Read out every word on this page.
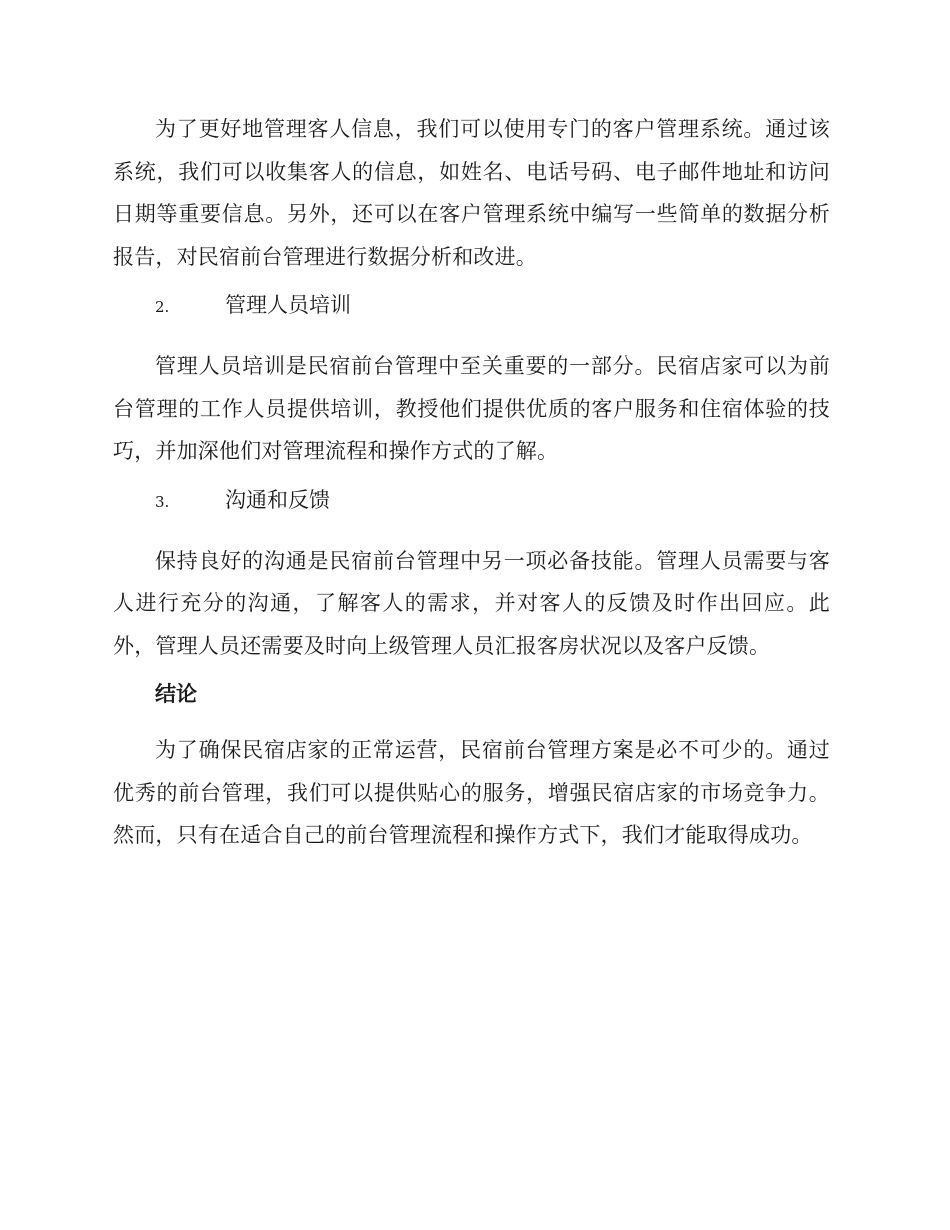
为了更好地管理客人信息，我们可以使用专门的客户管理系统。通过该系统，我们可以收集客人的信息，如姓名、电话号码、电子邮件地址和访问日期等重要信息。另外，还可以在客户管理系统中编写一些简单的数据分析报告，对民宿前台管理进行数据分析和改进。

2.	管理人员培训

管理人员培训是民宿前台管理中至关重要的一部分。民宿店家可以为前台管理的工作人员提供培训，教授他们提供优质的客户服务和住宿体验的技巧，并加深他们对管理流程和操作方式的了解。

3.	沟通和反馈

保持良好的沟通是民宿前台管理中另一项必备技能。管理人员需要与客人进行充分的沟通，了解客人的需求，并对客人的反馈及时作出回应。此外，管理人员还需要及时向上级管理人员汇报客房状况以及客户反馈。

结论

为了确保民宿店家的正常运营，民宿前台管理方案是必不可少的。通过优秀的前台管理，我们可以提供贴心的服务，增强民宿店家的市场竞争力。然而，只有在适合自己的前台管理流程和操作方式下，我们才能取得成功。
